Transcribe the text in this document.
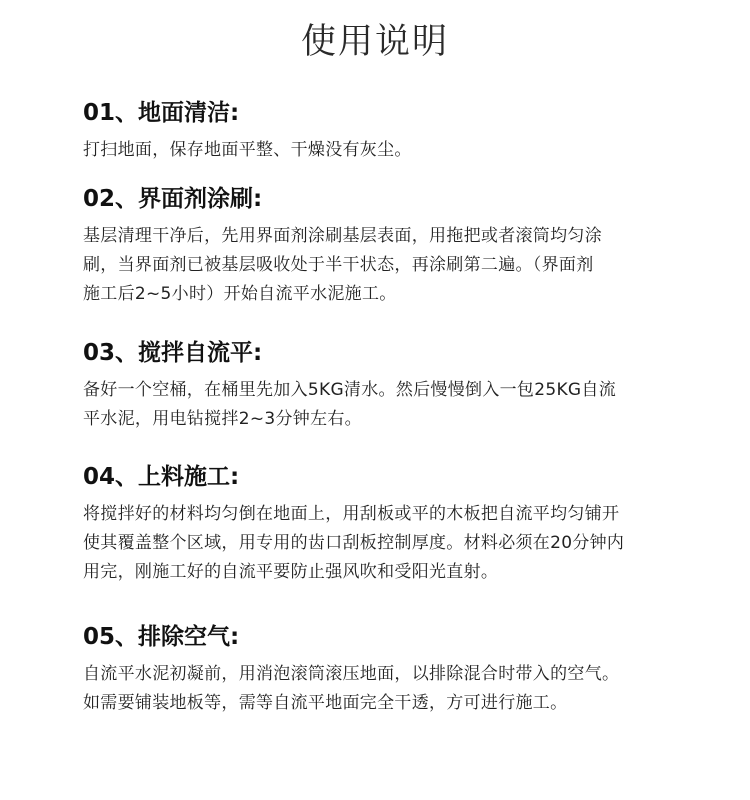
使用说明
01、地面清洁:

打扫地面，保存地面平整、干燥没有灰尘。

02、界面剂涂刷:

基层清理干净后，先用界面剂涂刷基层表面，用拖把或者滚筒均匀涂
刷，当界面剂已被基层吸收处于半干状态，再涂刷第二遍。（界面剂
施工后2~5小时）开始自流平水泥施工。

03、搅拌自流平:

备好一个空桶，在桶里先加入5KG清水。然后慢慢倒入一包25KG自流
平水泥，用电钻搅拌2~3分钟左右。

04、上料施工:

将搅拌好的材料均匀倒在地面上，用刮板或平的木板把自流平均匀铺开
使其覆盖整个区域，用专用的齿口刮板控制厚度。材料必须在20分钟内
用完，刚施工好的自流平要防止强风吹和受阳光直射。

05、排除空气:

自流平水泥初凝前，用消泡滚筒滚压地面，以排除混合时带入的空气。
如需要铺装地板等，需等自流平地面完全干透，方可进行施工。
